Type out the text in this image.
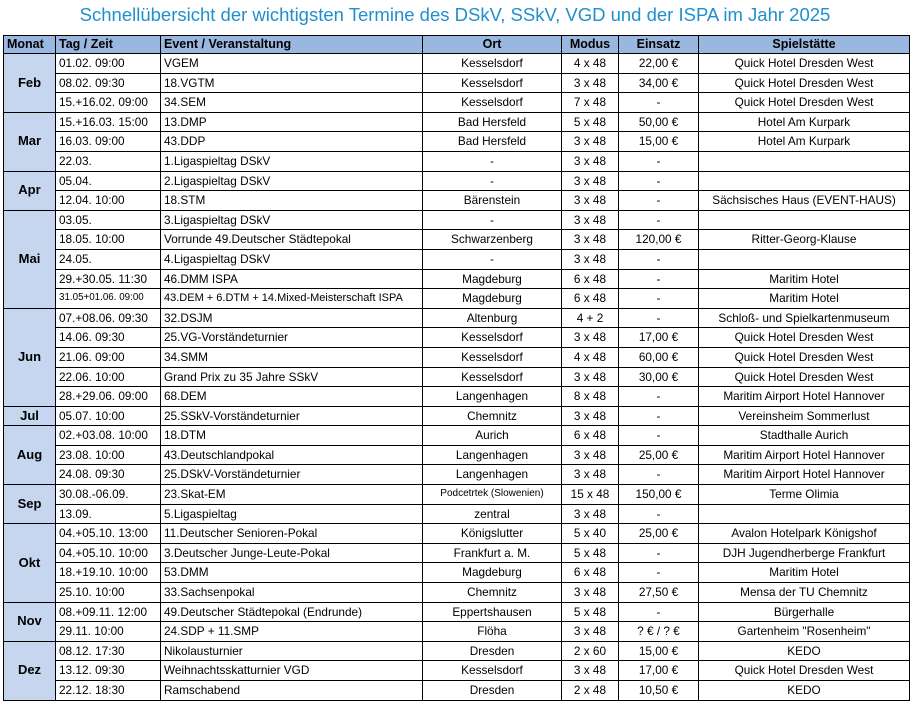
Schnellübersicht der wichtigsten Termine des DSkV, SSkV, VGD und der ISPA im Jahr 2025
Monat	Tag / Zeit	Event / Veranstaltung	Ort	Modus	Einsatz	Spielstätte
Feb	01.02. 09:00	VGEM	Kesselsdorf	4 x 48	22,00 €	Quick Hotel Dresden West
	08.02. 09:30	18.VGTM	Kesselsdorf	3 x 48	34,00 €	Quick Hotel Dresden West
	15.+16.02. 09:00	34.SEM	Kesselsdorf	7 x 48	-	Quick Hotel Dresden West
Mar	15.+16.03. 15:00	13.DMP	Bad Hersfeld	5 x 48	50,00 €	Hotel Am Kurpark
	16.03. 09:00	43.DDP	Bad Hersfeld	3 x 48	15,00 €	Hotel Am Kurpark
	22.03.	1.Ligaspieltag DSkV	-	3 x 48	-	
Apr	05.04.	2.Ligaspieltag DSkV	-	3 x 48	-	
	12.04. 10:00	18.STM	Bärenstein	3 x 48	-	Sächsisches Haus (EVENT-HAUS)
Mai	03.05.	3.Ligaspieltag DSkV	-	3 x 48	-	
	18.05. 10:00	Vorrunde 49.Deutscher Städtepokal	Schwarzenberg	3 x 48	120,00 €	Ritter-Georg-Klause
	24.05.	4.Ligaspieltag DSkV	-	3 x 48	-	
	29.+30.05. 11:30	46.DMM ISPA	Magdeburg	6 x 48	-	Maritim Hotel
	31.05+01.06. 09:00	43.DEM + 6.DTM + 14.Mixed-Meisterschaft ISPA	Magdeburg	6 x 48	-	Maritim Hotel
Jun	07.+08.06. 09:30	32.DSJM	Altenburg	4 + 2	-	Schloß- und Spielkartenmuseum
	14.06. 09:30	25.VG-Vorständeturnier	Kesselsdorf	3 x 48	17,00 €	Quick Hotel Dresden West
	21.06. 09:00	34.SMM	Kesselsdorf	4 x 48	60,00 €	Quick Hotel Dresden West
	22.06. 10:00	Grand Prix zu 35 Jahre SSkV	Kesselsdorf	3 x 48	30,00 €	Quick Hotel Dresden West
	28.+29.06. 09:00	68.DEM	Langenhagen	8 x 48	-	Maritim Airport Hotel Hannover
Jul	05.07. 10:00	25.SSkV-Vorständeturnier	Chemnitz	3 x 48	-	Vereinsheim Sommerlust
Aug	02.+03.08. 10:00	18.DTM	Aurich	6 x 48	-	Stadthalle Aurich
	23.08. 10:00	43.Deutschlandpokal	Langenhagen	3 x 48	25,00 €	Maritim Airport Hotel Hannover
	24.08. 09:30	25.DSkV-Vorständeturnier	Langenhagen	3 x 48	-	Maritim Airport Hotel Hannover
Sep	30.08.-06.09.	23.Skat-EM	Podcetrtek (Slowenien)	15 x 48	150,00 €	Terme Olimia
	13.09.	5.Ligaspieltag	zentral	3 x 48	-	
Okt	04.+05.10. 13:00	11.Deutscher Senioren-Pokal	Königslutter	5 x 40	25,00 €	Avalon Hotelpark Königshof
	04.+05.10. 10:00	3.Deutscher Junge-Leute-Pokal	Frankfurt a. M.	5 x 48	-	DJH Jugendherberge Frankfurt
	18.+19.10. 10:00	53.DMM	Magdeburg	6 x 48	-	Maritim Hotel
	25.10. 10:00	33.Sachsenpokal	Chemnitz	3 x 48	27,50 €	Mensa der TU Chemnitz
Nov	08.+09.11. 12:00	49.Deutscher Städtepokal (Endrunde)	Eppertshausen	5 x 48	-	Bürgerhalle
	29.11. 10:00	24.SDP + 11.SMP	Flöha	3 x 48	? € / ? €	Gartenheim "Rosenheim"
Dez	08.12. 17:30	Nikolausturnier	Dresden	2 x 60	15,00 €	KEDO
	13.12. 09:30	Weihnachtsskatturnier VGD	Kesselsdorf	3 x 48	17,00 €	Quick Hotel Dresden West
	22.12. 18:30	Ramschabend	Dresden	2 x 48	10,50 €	KEDO
